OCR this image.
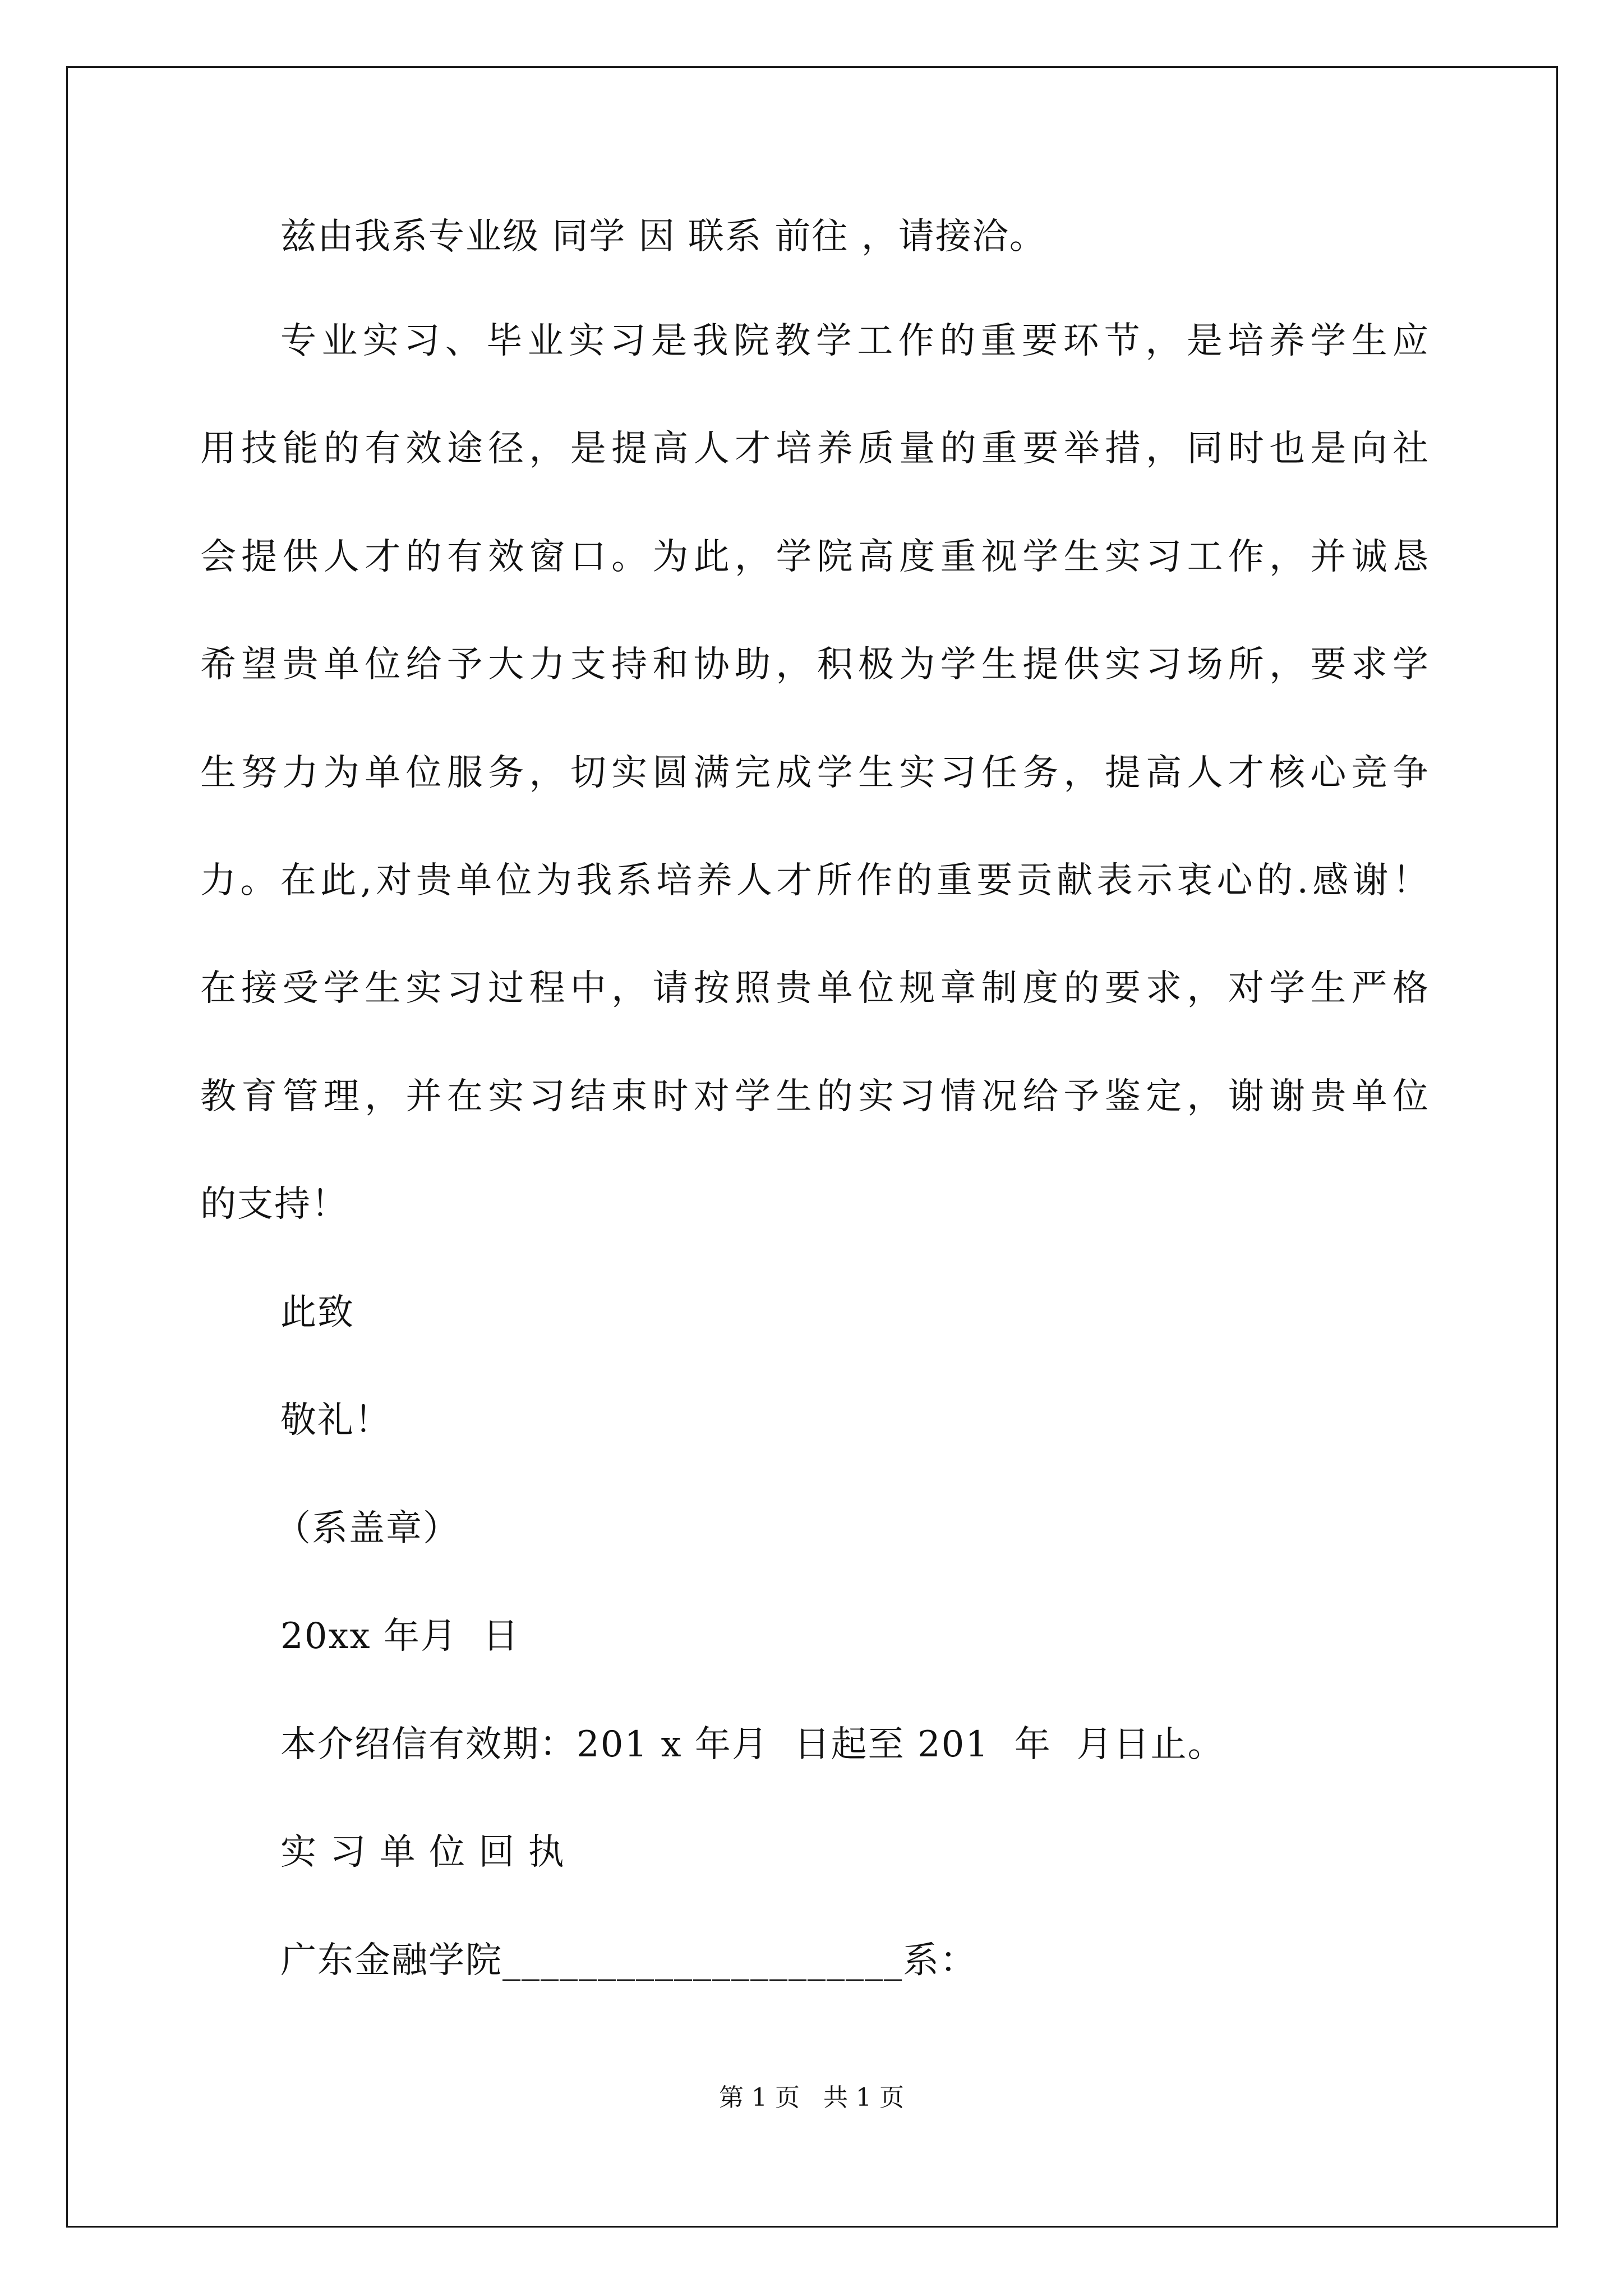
兹由我系专业级 同学 因 联系 前往 ，请接洽。
专业实习、毕业实习是我院教学工作的重要环节，是培养学生应
用技能的有效途径，是提高人才培养质量的重要举措，同时也是向社
会提供人才的有效窗口。为此，学院高度重视学生实习工作，并诚恳
希望贵单位给予大力支持和协助，积极为学生提供实习场所，要求学
生努力为单位服务，切实圆满完成学生实习任务，提高人才核心竞争
力。在此,对贵单位为我系培养人才所作的重要贡献表示衷心的.感谢！
在接受学生实习过程中，请按照贵单位规章制度的要求，对学生严格
教育管理，并在实习结束时对学生的实习情况给予鉴定，谢谢贵单位
的支持！
此致
敬礼！
（系盖章）
20xx 年月  日
本介绍信有效期：201 x 年月  日起至 201  年  月日止。
实 习 单 位 回 执
广东金融学院_____________________系：
第 1 页   共 1 页
